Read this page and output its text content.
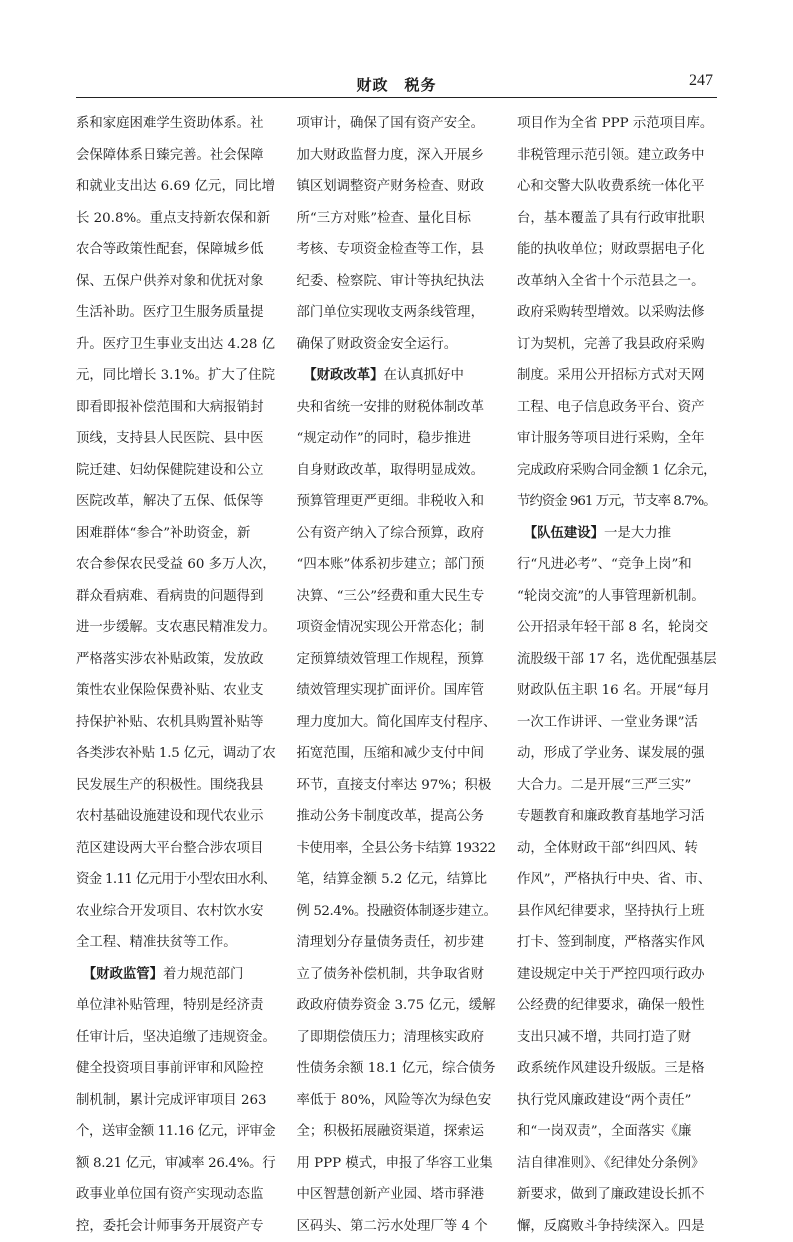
财政　税务	247
系和家庭困难学生资助体系。社
会保障体系日臻完善。社会保障
和就业支出达 6.69 亿元，同比增
长 20.8%。重点支持新农保和新
农合等政策性配套，保障城乡低
保、五保户供养对象和优抚对象
生活补助。医疗卫生服务质量提
升。医疗卫生事业支出达 4.28 亿
元，同比增长 3.1%。扩大了住院
即看即报补偿范围和大病报销封
顶线，支持县人民医院、县中医
院迁建、妇幼保健院建设和公立
医院改革，解决了五保、低保等
困难群体“参合”补助资金，新
农合参保农民受益 60 多万人次，
群众看病难、看病贵的问题得到
进一步缓解。支农惠民精准发力。
严格落实涉农补贴政策，发放政
策性农业保险保费补贴、农业支
持保护补贴、农机具购置补贴等
各类涉农补贴 1.5 亿元，调动了农
民发展生产的积极性。围绕我县
农村基础设施建设和现代农业示
范区建设两大平台整合涉农项目
资金 1.11 亿元用于小型农田水利、
农业综合开发项目、农村饮水安
全工程、精准扶贫等工作。
　【财政监管】着力规范部门
单位津补贴管理，特别是经济责
任审计后，坚决追缴了违规资金。
健全投资项目事前评审和风险控
制机制，累计完成评审项目 263
个，送审金额 11.16 亿元，评审金
额 8.21 亿元，审减率 26.4%。行
政事业单位国有资产实现动态监
控，委托会计师事务开展资产专
项审计，确保了国有资产安全。
加大财政监督力度，深入开展乡
镇区划调整资产财务检查、财政
所“三方对账”检查、量化目标
考核、专项资金检查等工作，县
纪委、检察院、审计等执纪执法
部门单位实现收支两条线管理，
确保了财政资金安全运行。
　【财政改革】在认真抓好中
央和省统一安排的财税体制改革
“规定动作”的同时，稳步推进
自身财政改革，取得明显成效。
预算管理更严更细。非税收入和
公有资产纳入了综合预算，政府
“四本账”体系初步建立；部门预
决算、“三公”经费和重大民生专
项资金情况实现公开常态化；制
定预算绩效管理工作规程，预算
绩效管理实现扩面评价。国库管
理力度加大。简化国库支付程序、
拓宽范围，压缩和减少支付中间
环节，直接支付率达 97%；积极
推动公务卡制度改革，提高公务
卡使用率，全县公务卡结算 19322
笔，结算金额 5.2 亿元，结算比
例 52.4%。投融资体制逐步建立。
清理划分存量债务责任，初步建
立了债务补偿机制，共争取省财
政政府债券资金 3.75 亿元，缓解
了即期偿债压力；清理核实政府
性债务余额 18.1 亿元，综合债务
率低于 80%，风险等次为绿色安
全；积极拓展融资渠道，探索运
用 PPP 模式，申报了华容工业集
中区智慧创新产业园、塔市驿港
区码头、第二污水处理厂等 4 个
项目作为全省 PPP 示范项目库。
非税管理示范引领。建立政务中
心和交警大队收费系统一体化平
台，基本覆盖了具有行政审批职
能的执收单位；财政票据电子化
改革纳入全省十个示范县之一。
政府采购转型增效。以采购法修
订为契机，完善了我县政府采购
制度。采用公开招标方式对天网
工程、电子信息政务平台、资产
审计服务等项目进行采购，全年
完成政府采购合同金额 1 亿余元，
节约资金 961 万元，节支率 8.7%。
　【队伍建设】一是大力推
行“凡进必考”、“竞争上岗”和
“轮岗交流”的人事管理新机制。
公开招录年轻干部 8 名，轮岗交
流股级干部 17 名，选优配强基层
财政队伍主职 16 名。开展“每月
一次工作讲评、一堂业务课”活
动，形成了学业务、谋发展的强
大合力。二是开展“三严三实”
专题教育和廉政教育基地学习活
动，全体财政干部“纠四风、转
作风”，严格执行中央、省、市、
县作风纪律要求，坚持执行上班
打卡、签到制度，严格落实作风
建设规定中关于严控四项行政办
公经费的纪律要求，确保一般性
支出只减不增，共同打造了财
政系统作风建设升级版。三是格
执行党风廉政建设“两个责任”
和“一岗双责”，全面落实《廉
洁自律准则》、《纪律处分条例》
新要求，做到了廉政建设长抓不
懈，反腐败斗争持续深入。四是
